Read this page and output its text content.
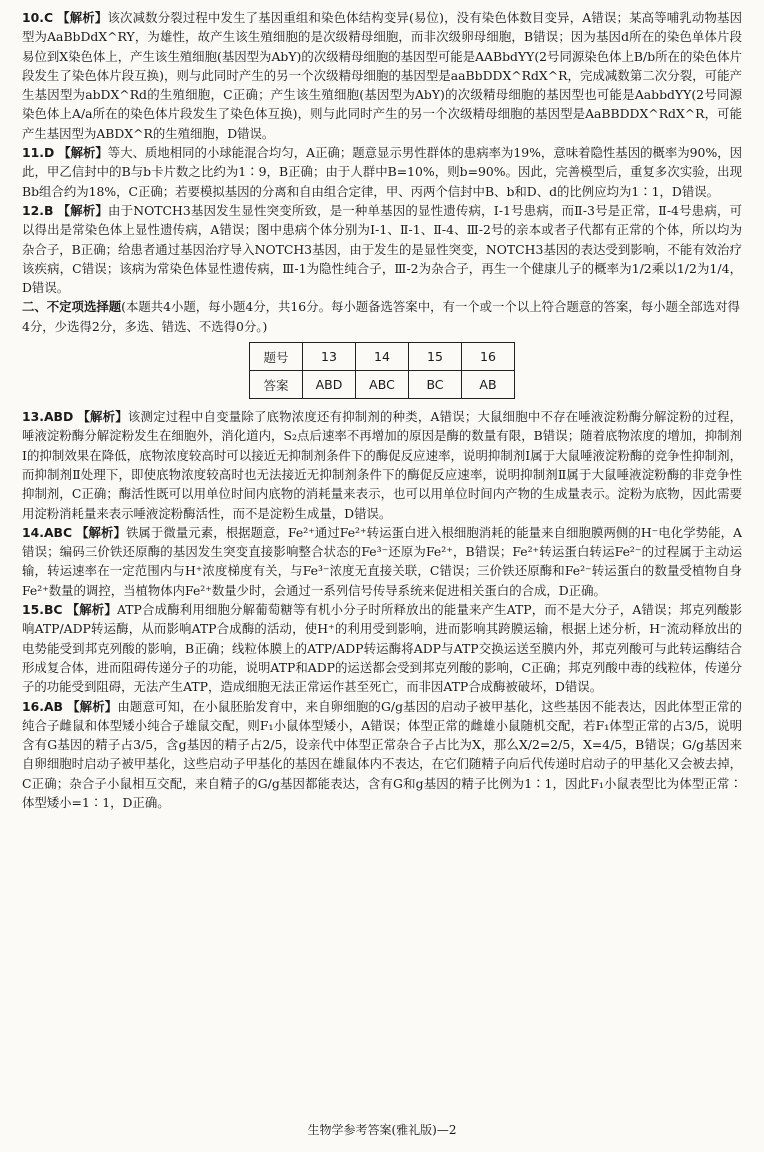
10.C 【解析】该次减数分裂过程中发生了基因重组和染色体结构变异(易位)，没有染色体数目变异，A错误；某高等哺乳动物基因型为AaBbDdX^RY，为雄性，故产生该生殖细胞的是次级精母细胞，而非次级卵母细胞，B错误；因为基因d所在的染色单体片段易位到X染色体上，产生该生殖细胞(基因型为AbY)的次级精母细胞的基因型可能是AABbdYY(2号同源染色体上B/b所在的染色体片段发生了染色体片段互换)，则与此同时产生的另一个次级精母细胞的基因型是aaBbDDX^RdX^R，完成减数第二次分裂，可能产生基因型为abDX^Rd的生殖细胞，C正确；产生该生殖细胞(基因型为AbY)的次级精母细胞的基因型也可能是AabbdYY(2号同源染色体上A/a所在的染色体片段发生了染色体互换)，则与此同时产生的另一个次级精母细胞的基因型是AaBBDDX^RdX^R，可能产生基因型为ABDX^R的生殖细胞，D错误。

11.D 【解析】等大、质地相同的小球能混合均匀，A正确；题意显示男性群体的患病率为19%，意味着隐性基因的概率为90%，因此，甲乙信封中的B与b卡片数之比约为1∶9，B正确；由于人群中B=10%，则b=90%。因此，完善模型后，重复多次实验，出现Bb组合约为18%，C正确；若要模拟基因的分离和自由组合定律，甲、丙两个信封中B、b和D、d的比例应均为1∶1，D错误。

12.B 【解析】由于NOTCH3基因发生显性突变所致，是一种单基因的显性遗传病，Ⅰ-1号患病，而Ⅱ-3号是正常，Ⅱ-4号患病，可以得出是常染色体上显性遗传病，A错误；图中患病个体分别为Ⅰ-1、Ⅱ-1、Ⅱ-4、Ⅲ-2号的亲本或者子代都有正常的个体，所以均为杂合子，B正确；给患者通过基因治疗导入NOTCH3基因，由于发生的是显性突变，NOTCH3基因的表达受到影响，不能有效治疗该疾病，C错误；该病为常染色体显性遗传病，Ⅲ-1为隐性纯合子，Ⅲ-2为杂合子，再生一个健康儿子的概率为1/2乘以1/2为1/4，D错误。

二、不定项选择题(本题共4小题，每小题4分，共16分。每小题备选答案中，有一个或一个以上符合题意的答案，每小题全部选对得4分，少选得2分，多选、错选、不选得0分。)

题号	13	14	15	16
答案	ABD	ABC	BC	AB

13.ABD 【解析】该测定过程中自变量除了底物浓度还有抑制剂的种类，A错误；大鼠细胞中不存在唾液淀粉酶分解淀粉的过程，唾液淀粉酶分解淀粉发生在细胞外，消化道内，S₂点后速率不再增加的原因是酶的数量有限，B错误；随着底物浓度的增加，抑制剂Ⅰ的抑制效果在降低，底物浓度较高时可以接近无抑制剂条件下的酶促反应速率，说明抑制剂Ⅰ属于大鼠唾液淀粉酶的竞争性抑制剂，而抑制剂Ⅱ处理下，即使底物浓度较高时也无法接近无抑制剂条件下的酶促反应速率，说明抑制剂Ⅱ属于大鼠唾液淀粉酶的非竞争性抑制剂，C正确；酶活性既可以用单位时间内底物的消耗量来表示，也可以用单位时间内产物的生成量表示。淀粉为底物，因此需要用淀粉消耗量来表示唾液淀粉酶活性，而不是淀粉生成量，D错误。

14.ABC 【解析】铁属于微量元素，根据题意，Fe²⁺通过Fe²⁺转运蛋白进入根细胞消耗的能量来自细胞膜两侧的H⁻电化学势能，A错误；编码三价铁还原酶的基因发生突变直接影响整合状态的Fe³⁻还原为Fe²⁺，B错误；Fe²⁺转运蛋白转运Fe²⁻的过程属于主动运输，转运速率在一定范围内与H⁺浓度梯度有关，与Fe³⁻浓度无直接关联，C错误；三价铁还原酶和Fe²⁻转运蛋白的数量受植物自身Fe²⁺数量的调控，当植物体内Fe²⁺数量少时，会通过一系列信号传导系统来促进相关蛋白的合成，D正确。

15.BC 【解析】ATP合成酶利用细胞分解葡萄糖等有机小分子时所释放出的能量来产生ATP，而不是大分子，A错误；邦克列酸影响ATP/ADP转运酶，从而影响ATP合成酶的活动，使H⁺的利用受到影响，进而影响其跨膜运输，根据上述分析，H⁻流动释放出的电势能受到邦克列酸的影响，B正确；线粒体膜上的ATP/ADP转运酶将ADP与ATP交换运送至膜内外，邦克列酸可与此转运酶结合形成复合体，进而阻碍传递分子的功能，说明ATP和ADP的运送都会受到邦克列酸的影响，C正确；邦克列酸中毒的线粒体，传递分子的功能受到阻碍，无法产生ATP，造成细胞无法正常运作甚至死亡，而非因ATP合成酶被破坏，D错误。

16.AB 【解析】由题意可知，在小鼠胚胎发育中，来自卵细胞的G/g基因的启动子被甲基化，这些基因不能表达，因此体型正常的纯合子雌鼠和体型矮小纯合子雄鼠交配，则F₁小鼠体型矮小，A错误；体型正常的雌雄小鼠随机交配，若F₁体型正常的占3/5，说明含有G基因的精子占3/5，含g基因的精子占2/5，设亲代中体型正常杂合子占比为X，那么X/2=2/5，X=4/5，B错误；G/g基因来自卵细胞时启动子被甲基化，这些启动子甲基化的基因在雄鼠体内不表达，在它们随精子向后代传递时启动子的甲基化又会被去掉，C正确；杂合子小鼠相互交配，来自精子的G/g基因都能表达，含有G和g基因的精子比例为1∶1，因此F₁小鼠表型比为体型正常∶体型矮小=1∶1，D正确。

生物学参考答案(雅礼版)—2
